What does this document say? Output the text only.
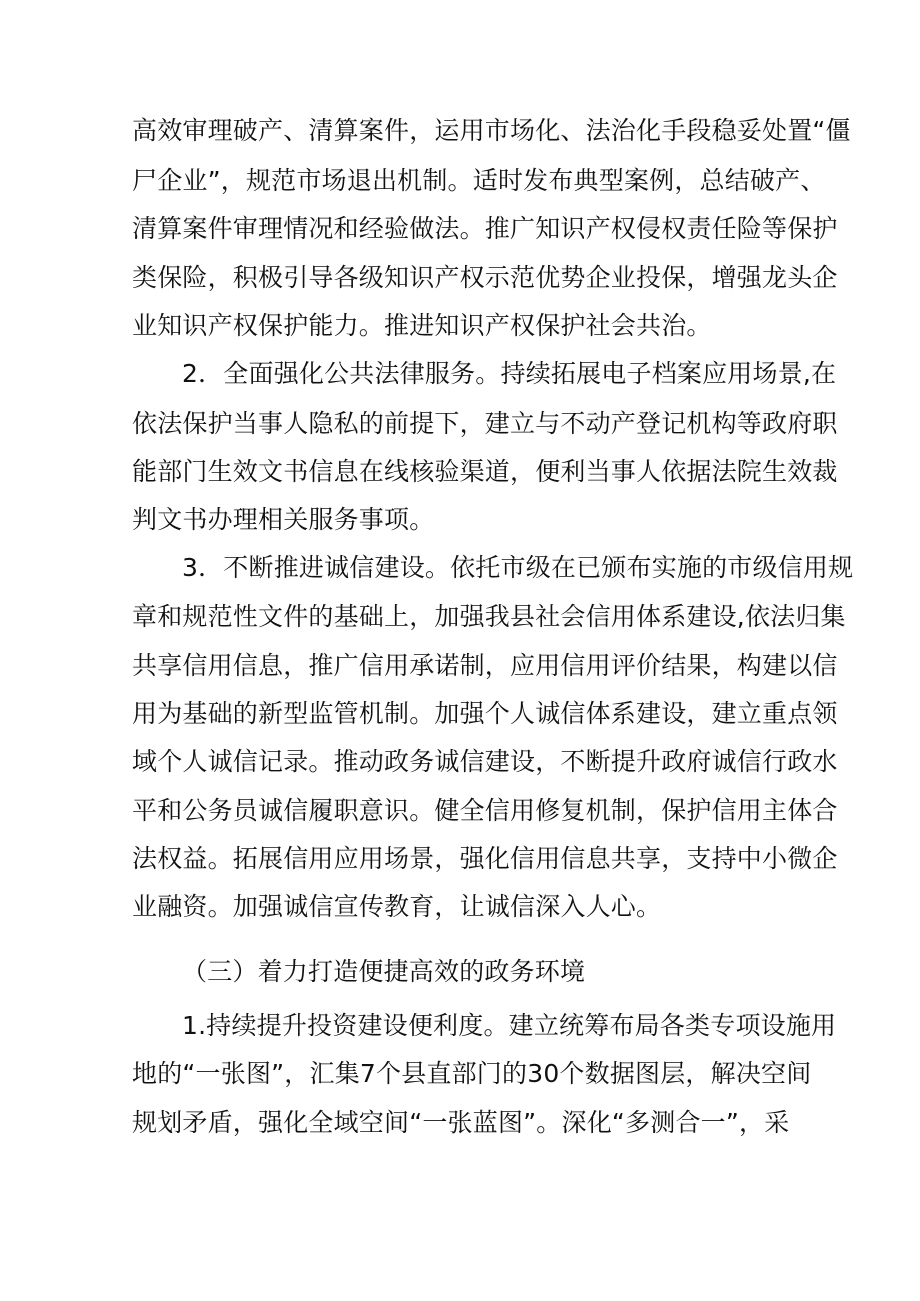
高效审理破产、清算案件，运用市场化、法治化手段稳妥处置“僵

尸企业”，规范市场退出机制。适时发布典型案例，总结破产、

清算案件审理情况和经验做法。推广知识产权侵权责任险等保护

类保险，积极引导各级知识产权示范优势企业投保，增强龙头企

业知识产权保护能力。推进知识产权保护社会共治。

2．全面强化公共法律服务。持续拓展电子档案应用场景,在

依法保护当事人隐私的前提下，建立与不动产登记机构等政府职

能部门生效文书信息在线核验渠道，便利当事人依据法院生效裁

判文书办理相关服务事项。

3．不断推进诚信建设。依托市级在已颁布实施的市级信用规

章和规范性文件的基础上，加强我县社会信用体系建设,依法归集

共享信用信息，推广信用承诺制，应用信用评价结果，构建以信

用为基础的新型监管机制。加强个人诚信体系建设，建立重点领

域个人诚信记录。推动政务诚信建设，不断提升政府诚信行政水

平和公务员诚信履职意识。健全信用修复机制，保护信用主体合

法权益。拓展信用应用场景，强化信用信息共享，支持中小微企

业融资。加强诚信宣传教育，让诚信深入人心。

（三）着力打造便捷高效的政务环境

1.持续提升投资建设便利度。建立统筹布局各类专项设施用

地的“一张图”，汇集7个县直部门的30个数据图层，解决空间

规划矛盾，强化全域空间“一张蓝图”。深化“多测合一”，采
